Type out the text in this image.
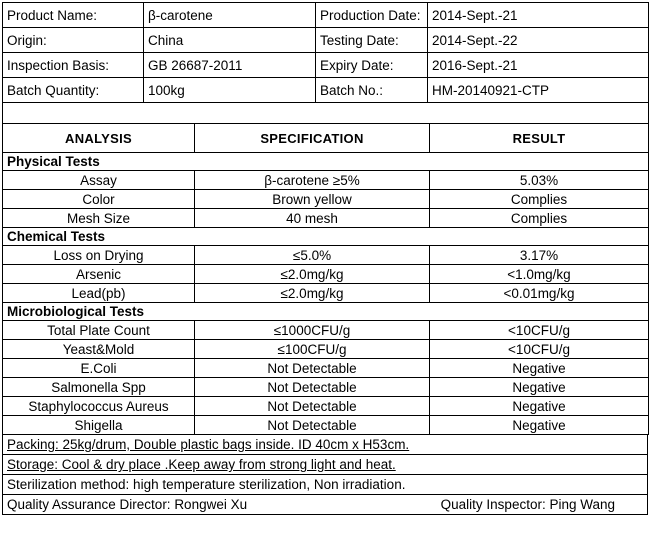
Product Name:	β-carotene	Production Date:	2014-Sept.-21
Origin:	China	Testing Date:	2014-Sept.-22
Inspection Basis:	GB 26687-2011	Expiry Date:	2016-Sept.-21
Batch Quantity:	100kg	Batch No.:	HM-20140921-CTP

ANALYSIS	SPECIFICATION	RESULT
Physical Tests		
Assay	β-carotene ≥5%	5.03%
Color	Brown yellow	Complies
Mesh Size	40 mesh	Complies
Chemical Tests		
Loss on Drying	≤5.0%	3.17%
Arsenic	≤2.0mg/kg	<1.0mg/kg
Lead(pb)	≤2.0mg/kg	<0.01mg/kg
Microbiological Tests		
Total Plate Count	≤1000CFU/g	<10CFU/g
Yeast&Mold	≤100CFU/g	<10CFU/g
E.Coli	Not Detectable	Negative
Salmonella Spp	Not Detectable	Negative
Staphylococcus Aureus	Not Detectable	Negative
Shigella	Not Detectable	Negative
Packing: 25kg/drum, Double plastic bags inside. ID 40cm x H53cm.
Storage: Cool & dry place .Keep away from strong light and heat.
Sterilization method: high temperature sterilization, Non irradiation.

Quality Assurance Director: Rongwei Xu	Quality Inspector: Ping Wang
